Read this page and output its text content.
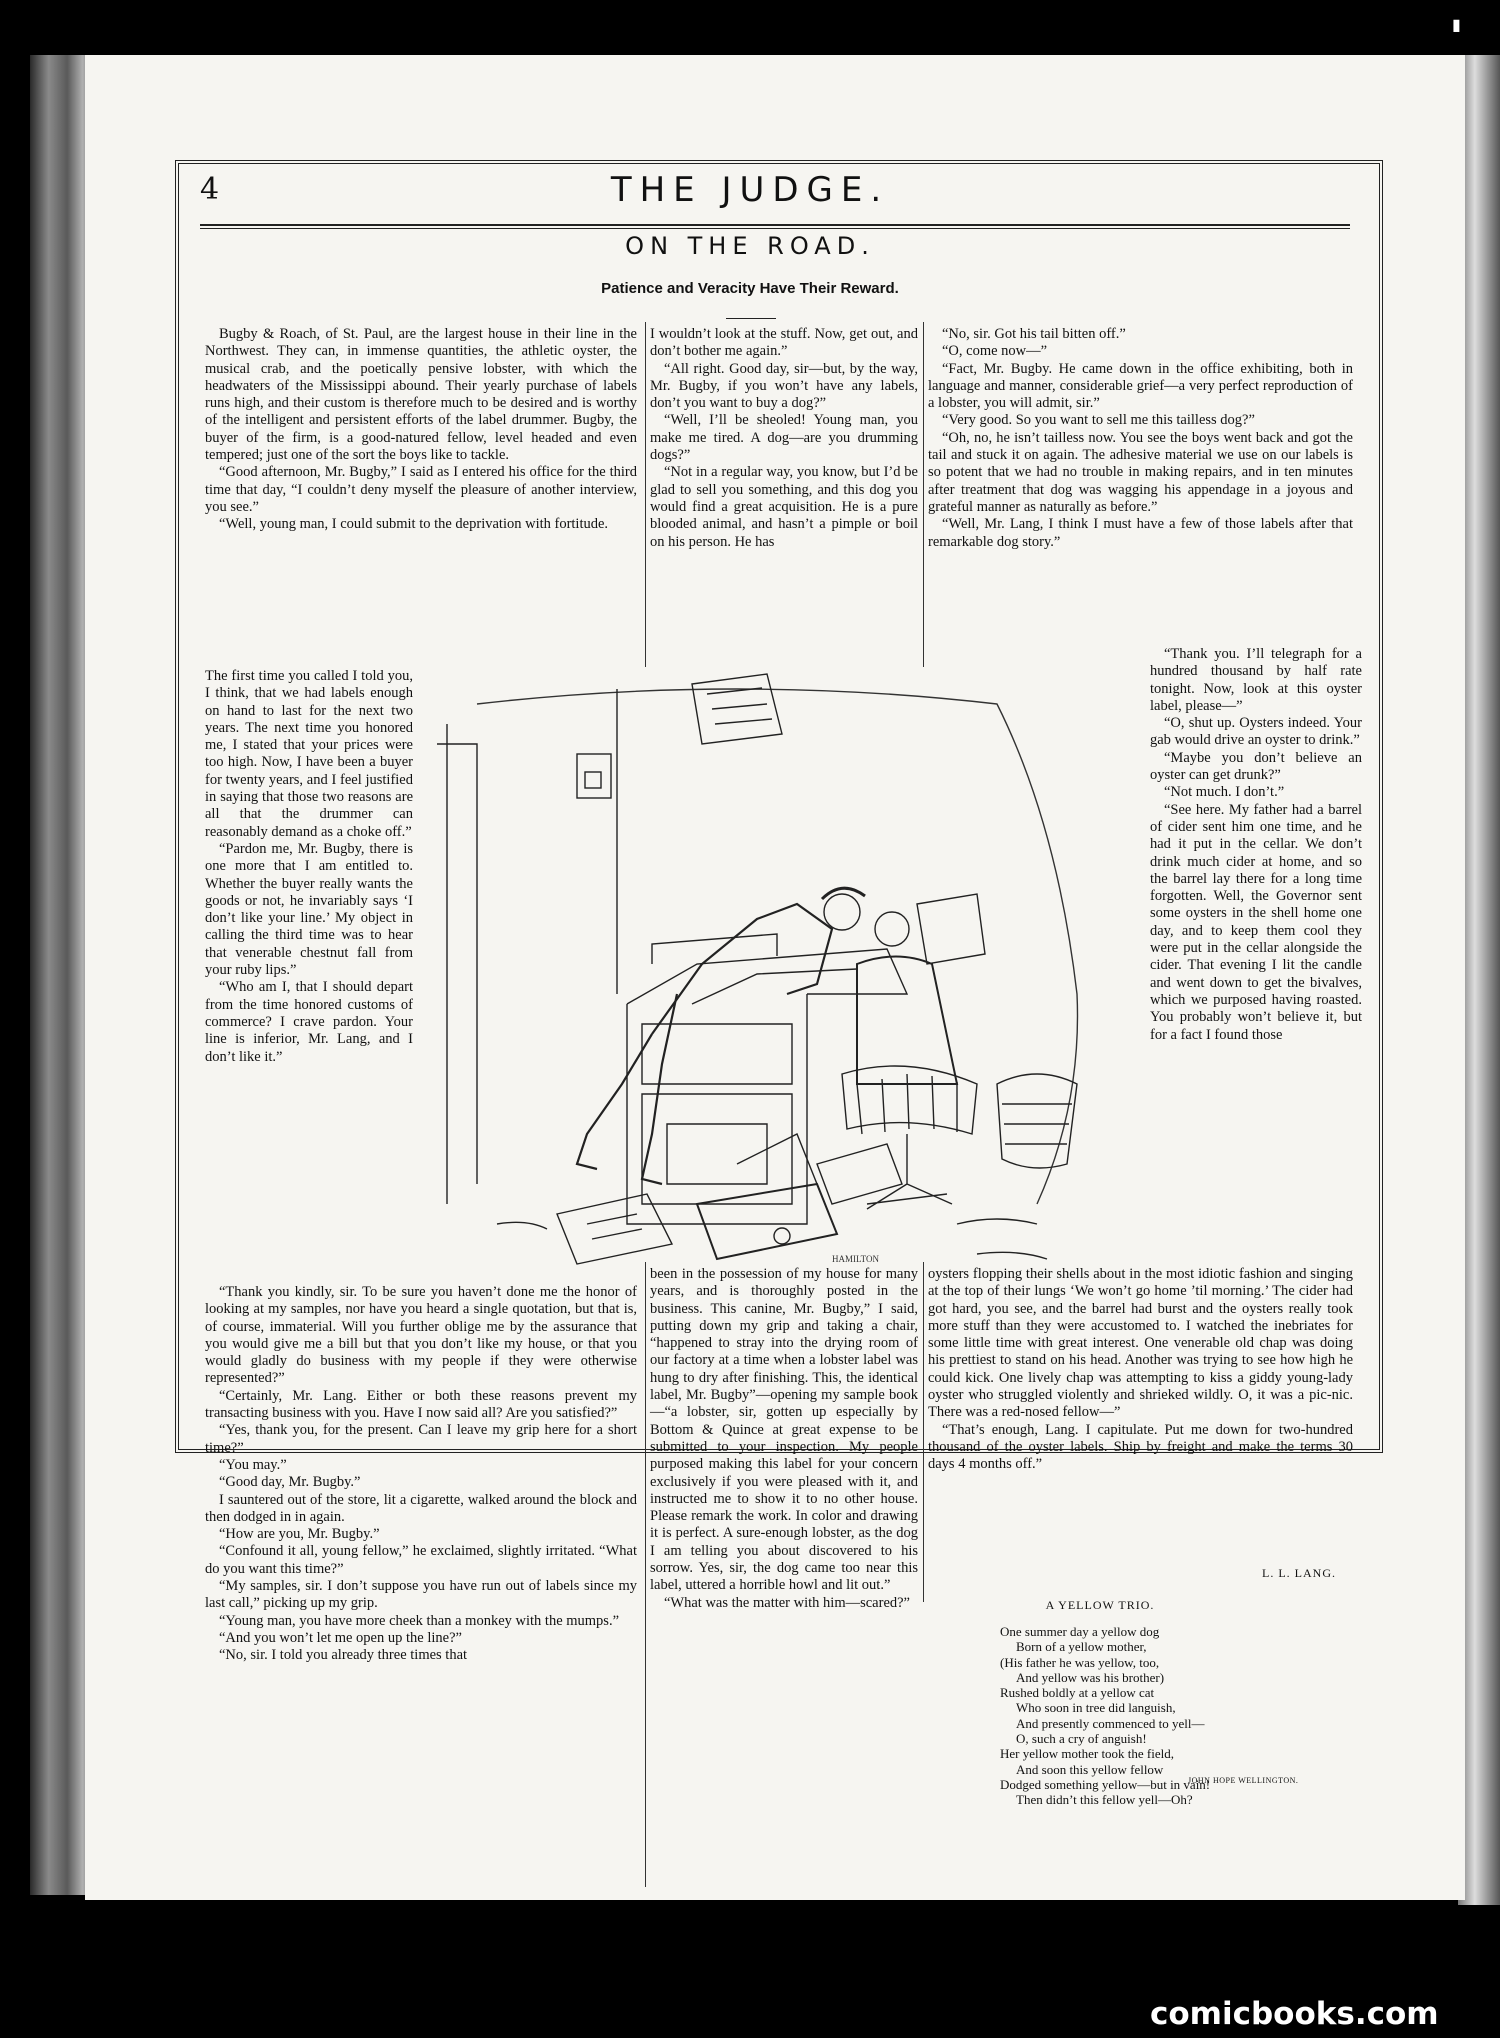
▮
4	THE JUDGE.
ON THE ROAD.
Patience and Veracity Have Their Reward.

Bugby & Roach, of St. Paul, are the largest house in their line in the Northwest. They can, in immense quantities, the athletic oyster, the musical crab, and the poetically pensive lobster, with which the headwaters of the Mississippi abound. Their yearly purchase of labels runs high, and their custom is therefore much to be desired and is worthy of the intelligent and persistent efforts of the label drummer. Bugby, the buyer of the firm, is a good-natured fellow, level headed and even tempered; just one of the sort the boys like to tackle.

“Good afternoon, Mr. Bugby,” I said as I entered his office for the third time that day, “I couldn’t deny myself the pleasure of another interview, you see.”

“Well, young man, I could submit to the deprivation with fortitude.

The first time you called I told you, I think, that we had labels enough on hand to last for the next two years. The next time you honored me, I stated that your prices were too high. Now, I have been a buyer for twenty years, and I feel justified in saying that those two reasons are all that the drummer can reasonably demand as a choke off.”

“Pardon me, Mr. Bugby, there is one more that I am entitled to. Whether the buyer really wants the goods or not, he invariably says ‘I don’t like your line.’ My object in calling the third time was to hear that venerable chestnut fall from your ruby lips.”

“Who am I, that I should depart from the time honored customs of commerce? I crave pardon. Your line is inferior, Mr. Lang, and I don’t like it.”

“Thank you kindly, sir. To be sure you haven’t done me the honor of looking at my samples, nor have you heard a single quotation, but that is, of course, immaterial. Will you further oblige me by the assurance that you would give me a bill but that you don’t like my house, or that you would gladly do business with my people if they were otherwise represented?”

“Certainly, Mr. Lang. Either or both these reasons prevent my transacting business with you. Have I now said all? Are you satisfied?”

“Yes, thank you, for the present. Can I leave my grip here for a short time?”

“You may.”

“Good day, Mr. Bugby.”

I sauntered out of the store, lit a cigarette, walked around the block and then dodged in in again.

“How are you, Mr. Bugby.”

“Confound it all, young fellow,” he exclaimed, slightly irritated. “What do you want this time?”

“My samples, sir. I don’t suppose you have run out of labels since my last call,” picking up my grip.

“Young man, you have more cheek than a monkey with the mumps.”

“And you won’t let me open up the line?”

“No, sir. I told you already three times that

I wouldn’t look at the stuff. Now, get out, and don’t bother me again.”

“All right. Good day, sir—but, by the way, Mr. Bugby, if you won’t have any labels, don’t you want to buy a dog?”

“Well, I’ll be sheoled! Young man, you make me tired. A dog—are you drumming dogs?”

“Not in a regular way, you know, but I’d be glad to sell you something, and this dog you would find a great acquisition. He is a pure blooded animal, and hasn’t a pimple or boil on his person. He has

been in the possession of my house for many years, and is thoroughly posted in the business. This canine, Mr. Bugby,” I said, putting down my grip and taking a chair, “happened to stray into the drying room of our factory at a time when a lobster label was hung to dry after finishing. This, the identical label, Mr. Bugby”—opening my sample book—“a lobster, sir, gotten up especially by Bottom & Quince at great expense to be submitted to your inspection. My people purposed making this label for your concern exclusively if you were pleased with it, and instructed me to show it to no other house. Please remark the work. In color and drawing it is perfect. A sure-enough lobster, as the dog I am telling you about discovered to his sorrow. Yes, sir, the dog came too near this label, uttered a horrible howl and lit out.”

“What was the matter with him—scared?”

“No, sir. Got his tail bitten off.”

“O, come now—”

“Fact, Mr. Bugby. He came down in the office exhibiting, both in language and manner, considerable grief—a very perfect reproduction of a lobster, you will admit, sir.”

“Very good. So you want to sell me this tailless dog?”

“Oh, no, he isn’t tailless now. You see the boys went back and got the tail and stuck it on again. The adhesive material we use on our labels is so potent that we had no trouble in making repairs, and in ten minutes after treatment that dog was wagging his appendage in a joyous and grateful manner as naturally as before.”

“Well, Mr. Lang, I think I must have a few of those labels after that remarkable dog story.”

“Thank you. I’ll telegraph for a hundred thousand by half rate tonight. Now, look at this oyster label, please—”

“O, shut up. Oysters indeed. Your gab would drive an oyster to drink.”

“Maybe you don’t believe an oyster can get drunk?”

“Not much. I don’t.”

“See here. My father had a barrel of cider sent him one time, and he had it put in the cellar. We don’t drink much cider at home, and so the barrel lay there for a long time forgotten. Well, the Governor sent some oysters in the shell home one day, and to keep them cool they were put in the cellar alongside the cider. That evening I lit the candle and went down to get the bivalves, which we purposed having roasted. You probably won’t believe it, but for a fact I found those

oysters flopping their shells about in the most idiotic fashion and singing at the top of their lungs ‘We won’t go home ’til morning.’ The cider had got hard, you see, and the barrel had burst and the oysters really took more stuff than they were accustomed to. I watched the inebriates for some little time with great interest. One venerable old chap was doing his prettiest to stand on his head. Another was trying to see how high he could kick. One lively chap was attempting to kiss a giddy young-lady oyster who struggled violently and shrieked wildly. O, it was a pic-nic. There was a red-nosed fellow—”

“That’s enough, Lang. I capitulate. Put me down for two-hundred thousand of the oyster labels. Ship by freight and make the terms 30 days 4 months off.”

L. L. LANG.
HAMILTON
A YELLOW TRIO.
One summer day a yellow dog
Born of a yellow mother,
(His father he was yellow, too,
And yellow was his brother)
Rushed boldly at a yellow cat
Who soon in tree did languish,
And presently commenced to yell—
O, such a cry of anguish!
Her yellow mother took the field,
And soon this yellow fellow
Dodged something yellow—but in vain!
Then didn’t this fellow yell—Oh?
JOHN HOPE WELLINGTON.
comicbooks.com
